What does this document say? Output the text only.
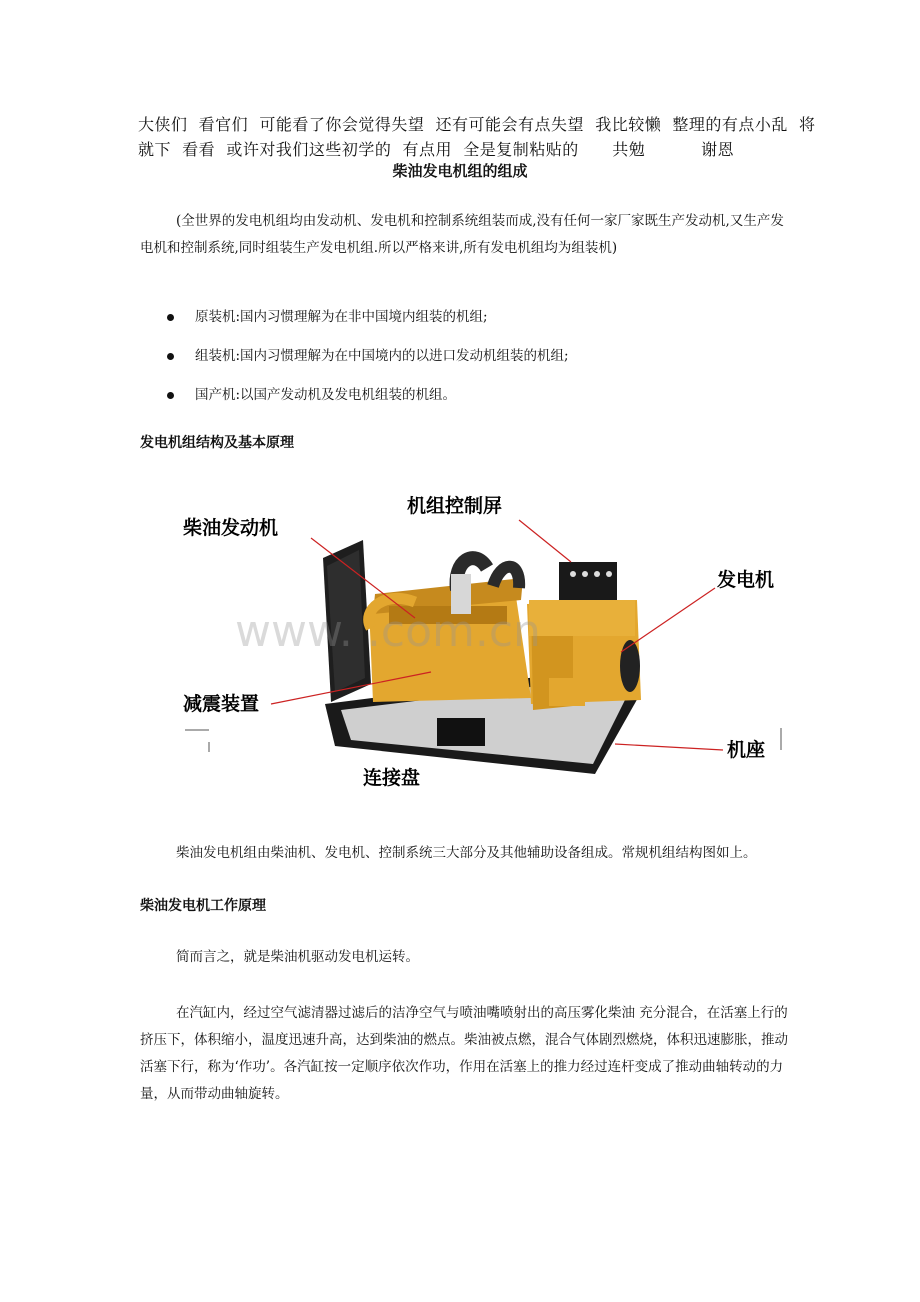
大侠们  看官们  可能看了你会觉得失望  还有可能会有点失望  我比较懒  整理的有点小乱  将
就下  看看  或许对我们这些初学的  有点用  全是复制粘贴的      共勉          谢恩
柴油发电机组的组成
(全世界的发电机组均由发动机、发电机和控制系统组装而成,没有任何一家厂家既生产发动机,又生产发电机和控制系统,同时组装生产发电机组.所以严格来讲,所有发电机组均为组装机)
原装机:国内习惯理解为在非中国境内组装的机组;
组装机:国内习惯理解为在中国境内的以进口发动机组装的机组;
国产机:以国产发动机及发电机组装的机组。
发电机组结构及基本原理
www. .com.cn
柴油发动机
机组控制屏
发电机
减震装置
连接盘
机座
柴油发电机组由柴油机、发电机、控制系统三大部分及其他辅助设备组成。常规机组结构图如上。
柴油发电机工作原理
简而言之，就是柴油机驱动发电机运转。
在汽缸内，经过空气滤清器过滤后的洁净空气与喷油嘴喷射出的高压雾化柴油 充分混合，在活塞上行的挤压下，体积缩小，温度迅速升高，达到柴油的燃点。柴油被点燃，混合气体剧烈燃烧，体积迅速膨胀，推动活塞下行，称为‘作功’。各汽缸按一定顺序依次作功，作用在活塞上的推力经过连杆变成了推动曲轴转动的力量，从而带动曲轴旋转。
